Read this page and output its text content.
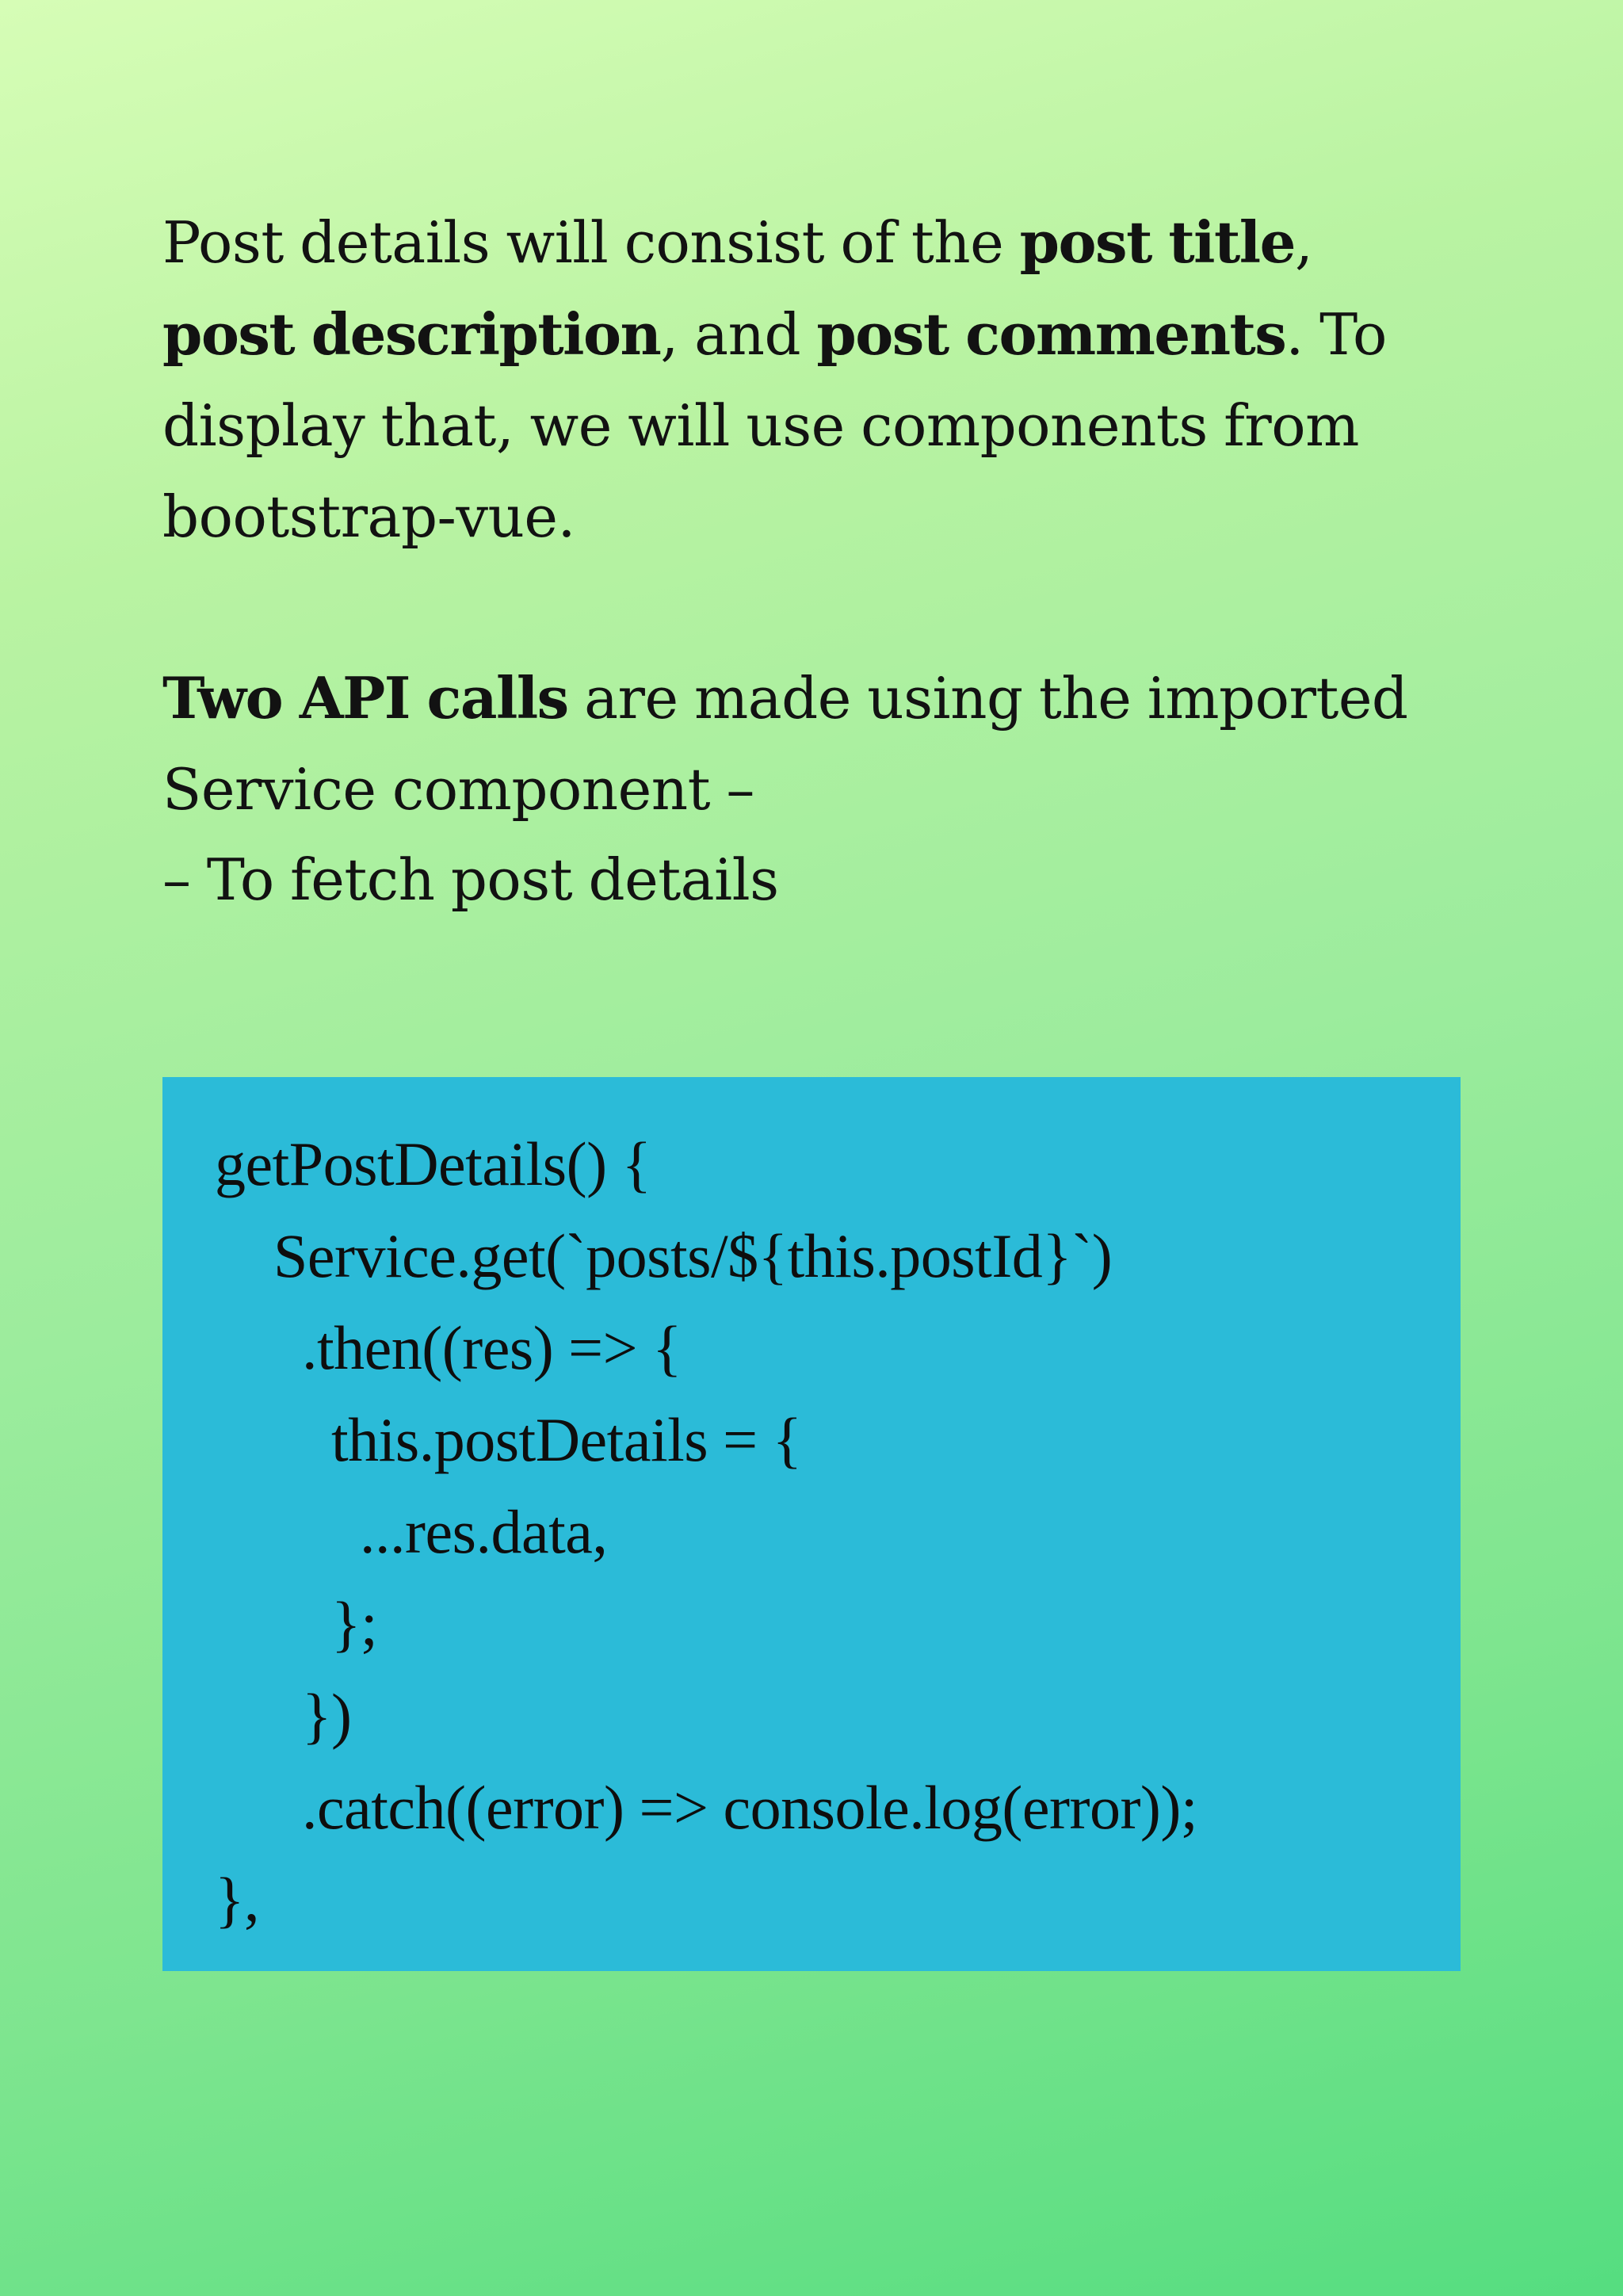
Post details will consist of the post title,
post description, and post comments. To display that, we will use components from bootstrap-vue.

Two API calls are made using the imported Service component –

– To fetch post details

getPostDetails() {
Service.get(`posts/${this.postId}`)
.then((res) => {
this.postDetails = {
...res.data,
};
})
.catch((error) => console.log(error));
},
